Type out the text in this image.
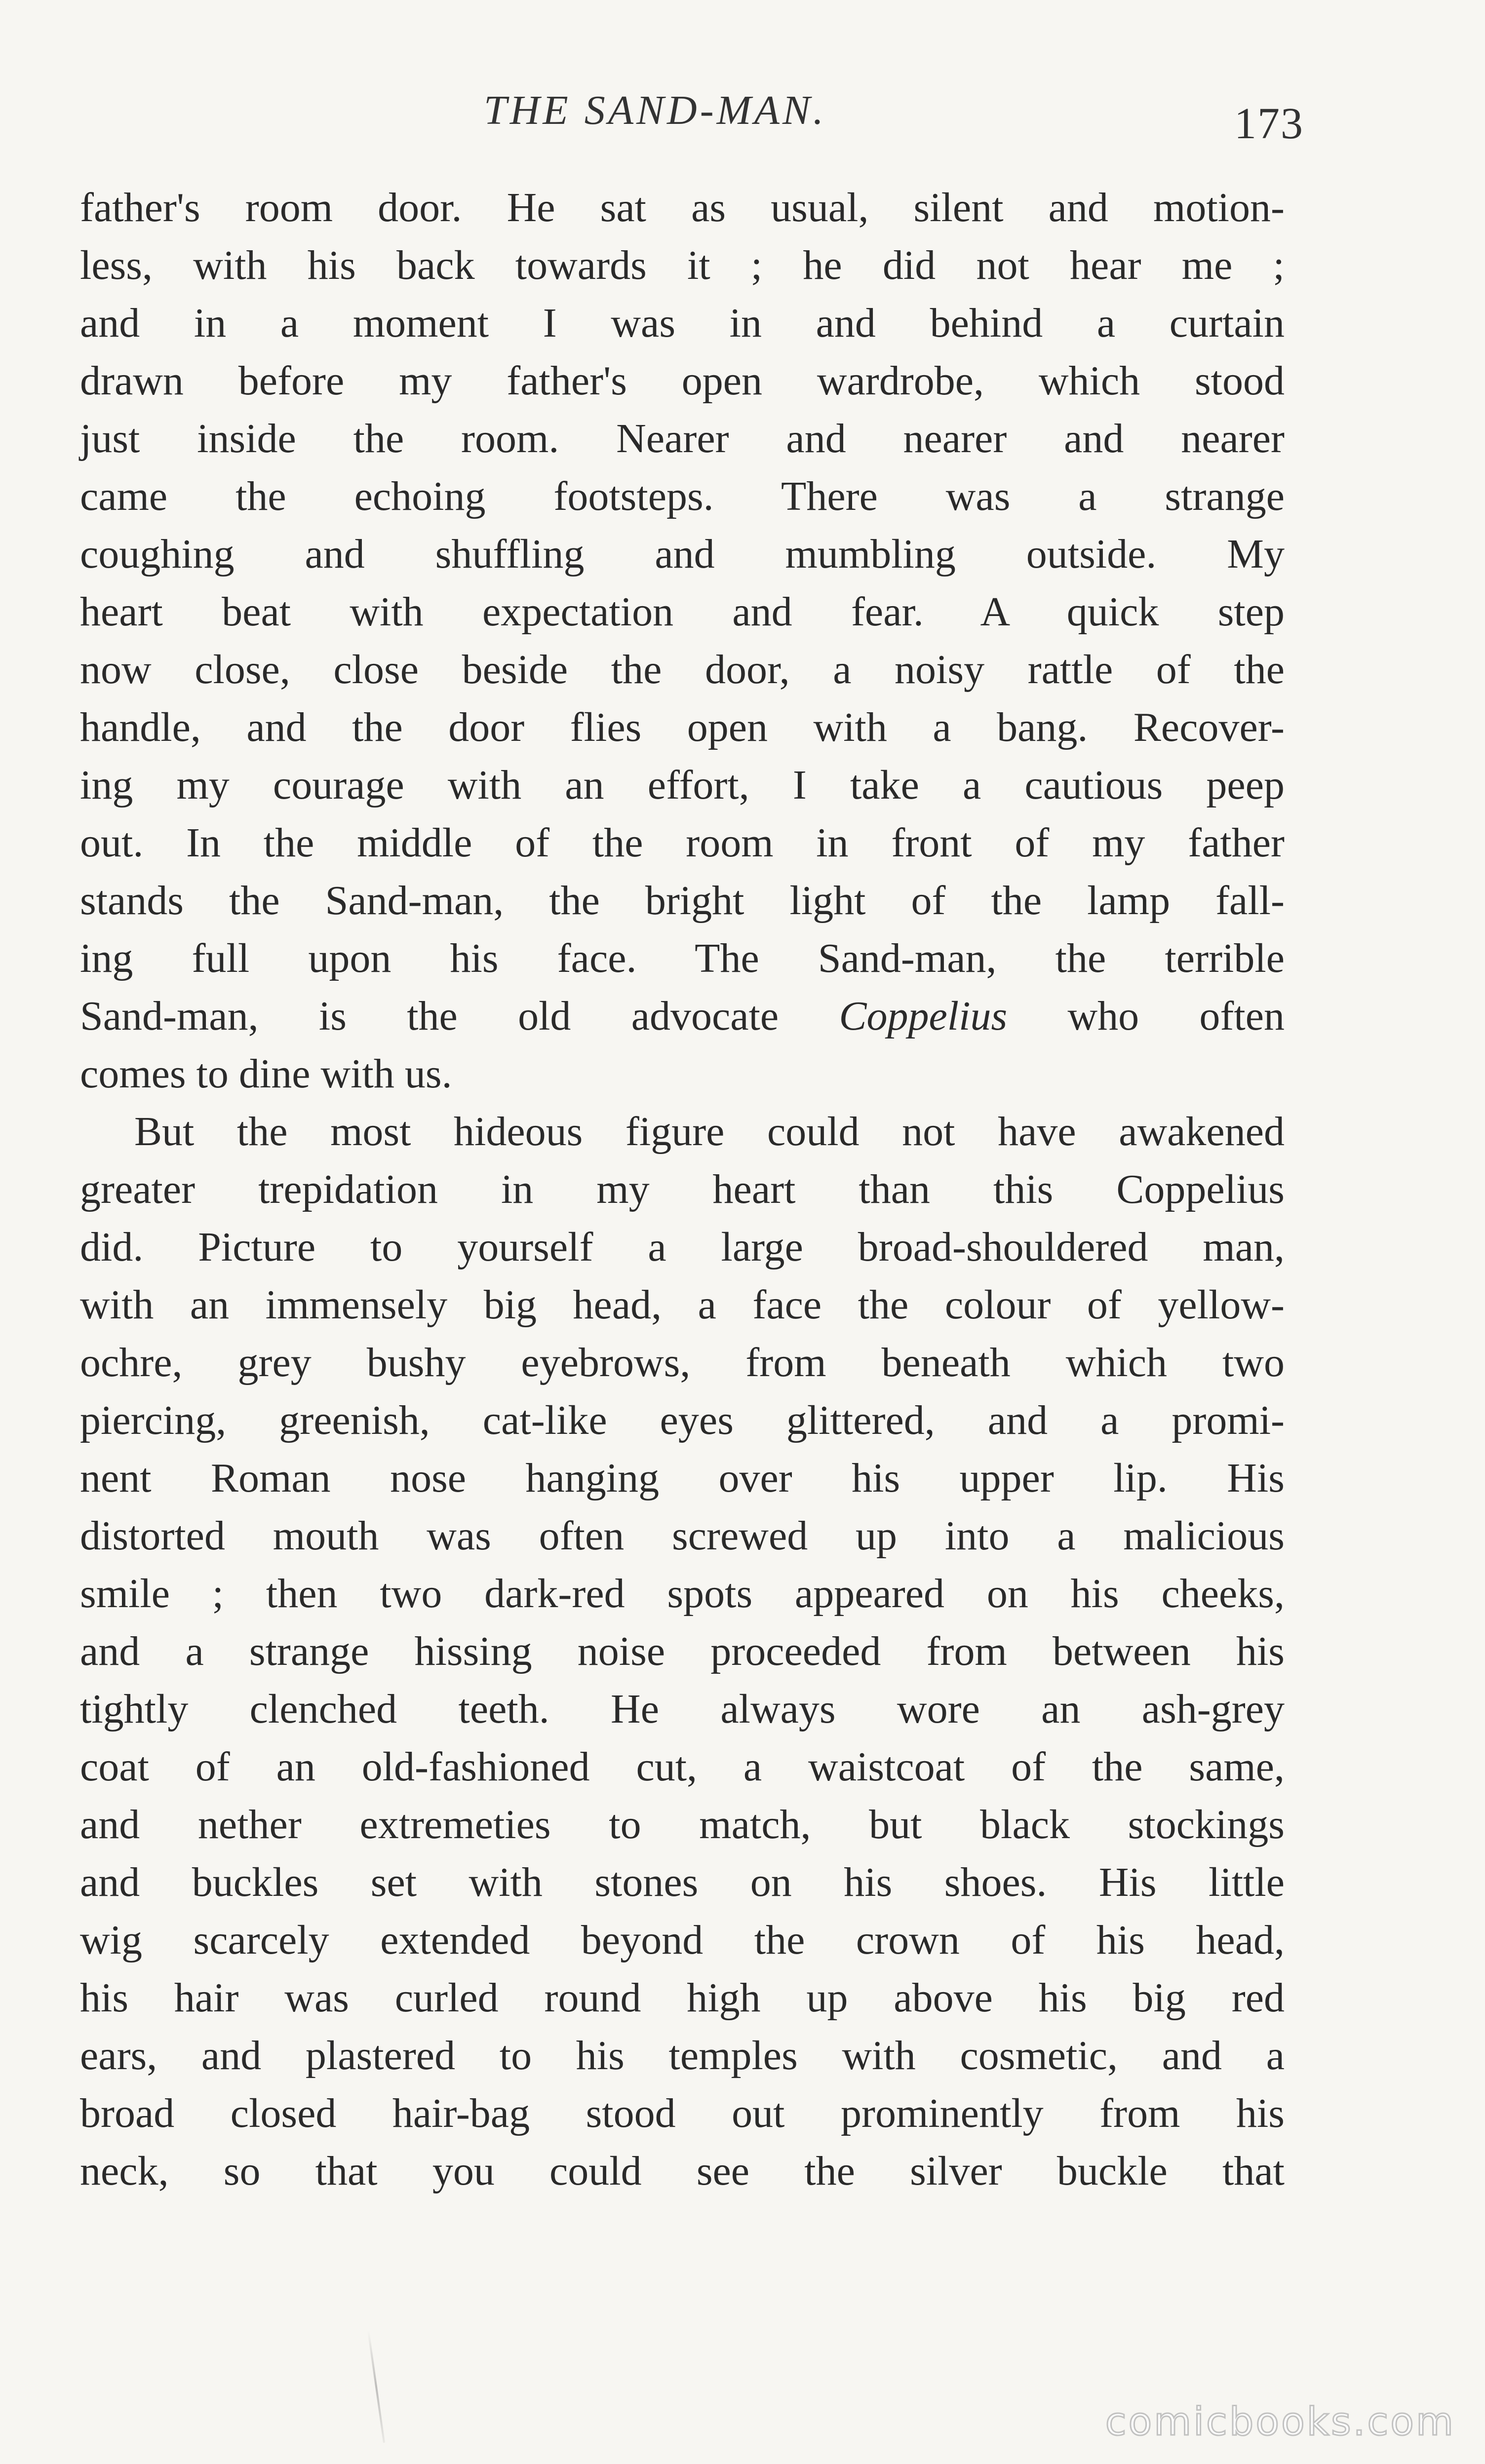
THE SAND-MAN.	173
father's room door. He sat as usual, silent and motion-
less, with his back towards it ; he did not hear me ;
and in a moment I was in and behind a curtain
drawn before my father's open wardrobe, which stood
just inside the room. Nearer and nearer and nearer
came the echoing footsteps. There was a strange
coughing and shuffling and mumbling outside. My
heart beat with expectation and fear. A quick step
now close, close beside the door, a noisy rattle of the
handle, and the door flies open with a bang. Recover-
ing my courage with an effort, I take a cautious peep
out. In the middle of the room in front of my father
stands the Sand-man, the bright light of the lamp fall-
ing full upon his face. The Sand-man, the terrible
Sand-man, is the old advocate Coppelius who often
comes to dine with us.
But the most hideous figure could not have awakened
greater trepidation in my heart than this Coppelius
did. Picture to yourself a large broad-shouldered man,
with an immensely big head, a face the colour of yellow-
ochre, grey bushy eyebrows, from beneath which two
piercing, greenish, cat-like eyes glittered, and a promi-
nent Roman nose hanging over his upper lip. His
distorted mouth was often screwed up into a malicious
smile ; then two dark-red spots appeared on his cheeks,
and a strange hissing noise proceeded from between his
tightly clenched teeth. He always wore an ash-grey
coat of an old-fashioned cut, a waistcoat of the same,
and nether extremeties to match, but black stockings
and buckles set with stones on his shoes. His little
wig scarcely extended beyond the crown of his head,
his hair was curled round high up above his big red
ears, and plastered to his temples with cosmetic, and a
broad closed hair-bag stood out prominently from his
neck, so that you could see the silver buckle that
comicbooks.com
